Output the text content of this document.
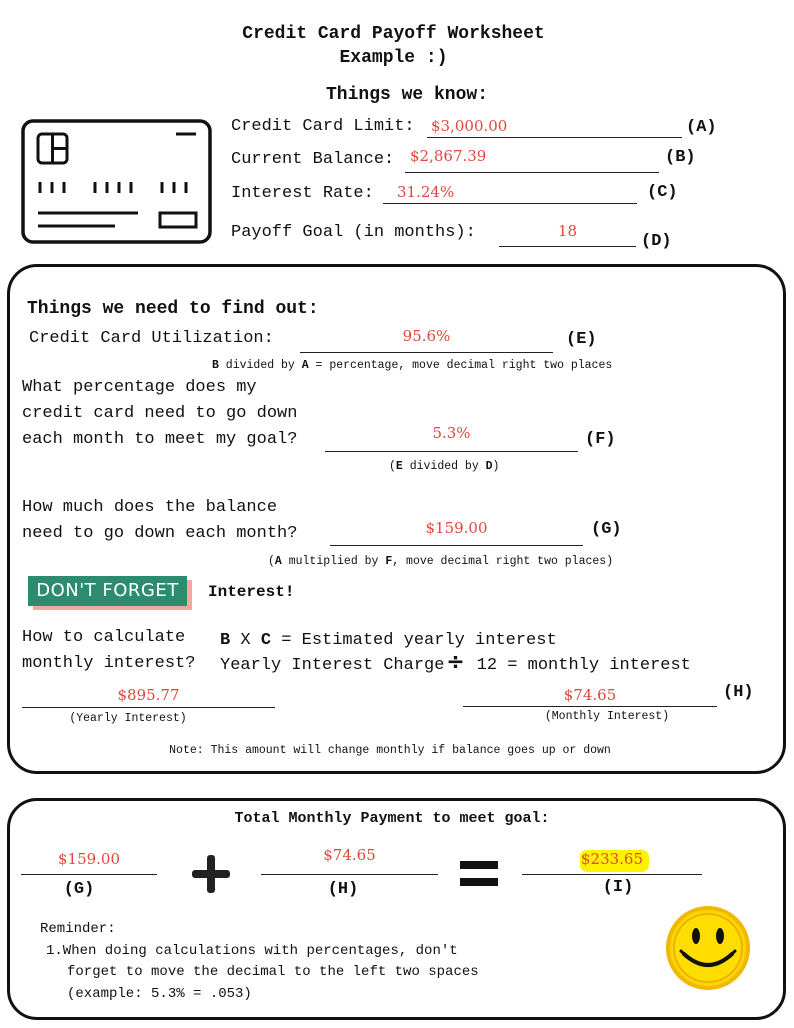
Credit Card Payoff Worksheet
Example :)
Things we know:
Credit Card Limit: $3,000.00	(A)
Current Balance: $2,867.39	(B)
Interest Rate: 31.24%	(C)
Payoff Goal (in months):	18
(D)
Things we need to find out:
Credit Card Utilization:	95.6%	(E)
B divided by A = percentage, move decimal right two places
What percentage does my
credit card need to go down
each month to meet my goal?	5.3%	(F)
(E divided by D)
How much does the balance
need to go down each month?	$159.00	(G)
(A multiplied by F, move decimal right two places)
DON'T FORGET	Interest!
How to calculate
monthly interest?
B X C = Estimated yearly interest
Yearly Interest Charge÷ 12 = monthly interest
$895.77
(Yearly Interest)
$74.65
(Monthly Interest)
(H)
Note: This amount will change monthly if balance goes up or down
Total Monthly Payment to meet goal:
$159.00
(G)
$74.65
(H)
$233.65
(I)
Reminder:
1.When doing calculations with percentages, don't
forget to move the decimal to the left two spaces
(example: 5.3% = .053)
